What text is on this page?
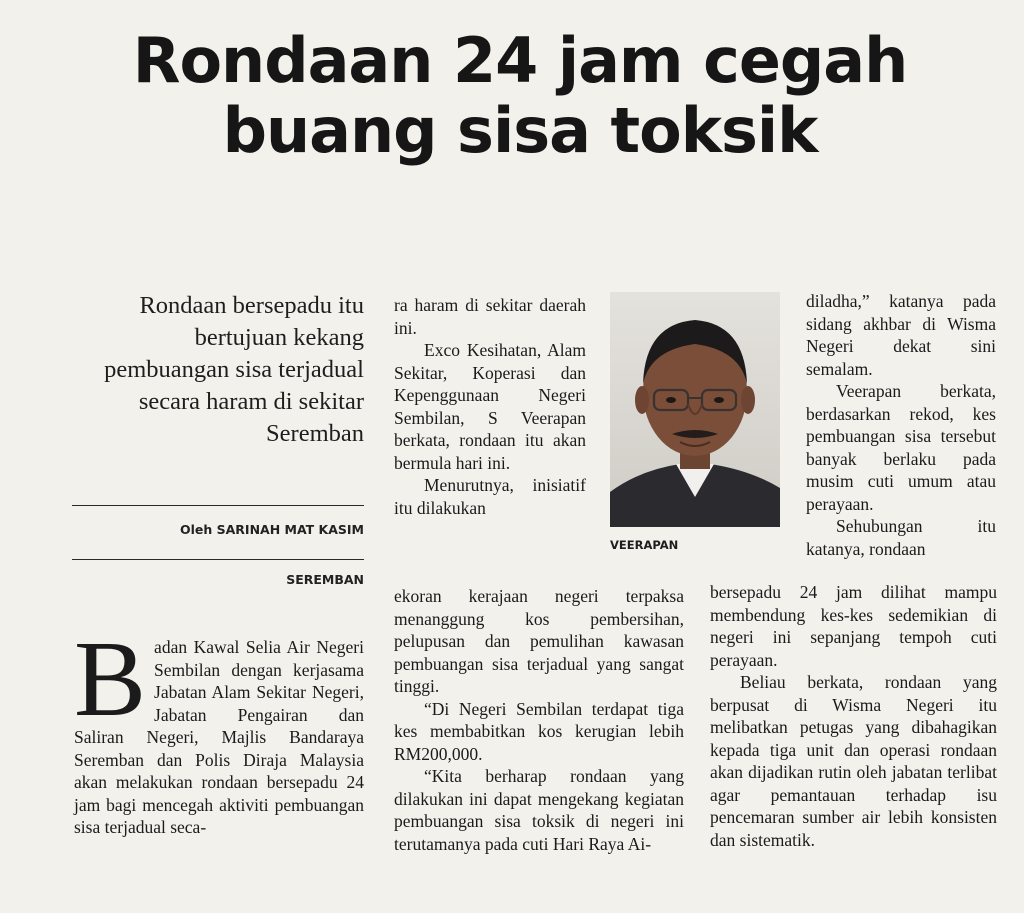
Rondaan 24 jam cegah
buang sisa toksik
Rondaan bersepadu itu bertujuan kekang pembuangan sisa terjadual secara haram di sekitar Seremban
Oleh SARINAH MAT KASIM
SEREMBAN
B adan Kawal Selia Air Negeri Sembilan dengan kerjasama Jabatan Alam Sekitar Negeri, Jabatan Pengairan dan Saliran Negeri, Majlis Bandaraya Seremban dan Polis Diraja Malaysia akan melakukan rondaan bersepadu 24 jam bagi mencegah aktiviti pembuangan sisa terjadual seca-

ra haram di sekitar daerah ini.

Exco Kesihatan, Alam Sekitar, Koperasi dan Kepenggunaan Negeri Sembilan, S Veerapan berkata, rondaan itu akan bermula hari ini.

Menurutnya, inisiatif itu dilakukan

ekoran kerajaan negeri terpaksa menanggung kos pembersihan, pelupusan dan pemulihan kawasan pembuangan sisa terjadual yang sangat tinggi.

“Di Negeri Sembilan terdapat tiga kes membabitkan kos kerugian lebih RM200,000.

“Kita berharap rondaan yang dilakukan ini dapat mengekang kegiatan pembuangan sisa toksik di negeri ini terutamanya pada cuti Hari Raya Ai-

VEERAPAN

diladha,” katanya pada sidang akhbar di Wisma Negeri dekat sini semalam.

Veerapan berkata, berdasarkan rekod, kes pembuangan sisa tersebut banyak berlaku pada musim cuti umum atau perayaan.

Sehubungan itu katanya, rondaan

bersepadu 24 jam dilihat mampu membendung kes-kes sedemikian di negeri ini sepanjang tempoh cuti perayaan.

Beliau berkata, rondaan yang berpusat di Wisma Negeri itu melibatkan petugas yang dibahagikan kepada tiga unit dan operasi rondaan akan dijadikan rutin oleh jabatan terlibat agar pemantauan terhadap isu pencemaran sumber air lebih konsisten dan sistematik.
